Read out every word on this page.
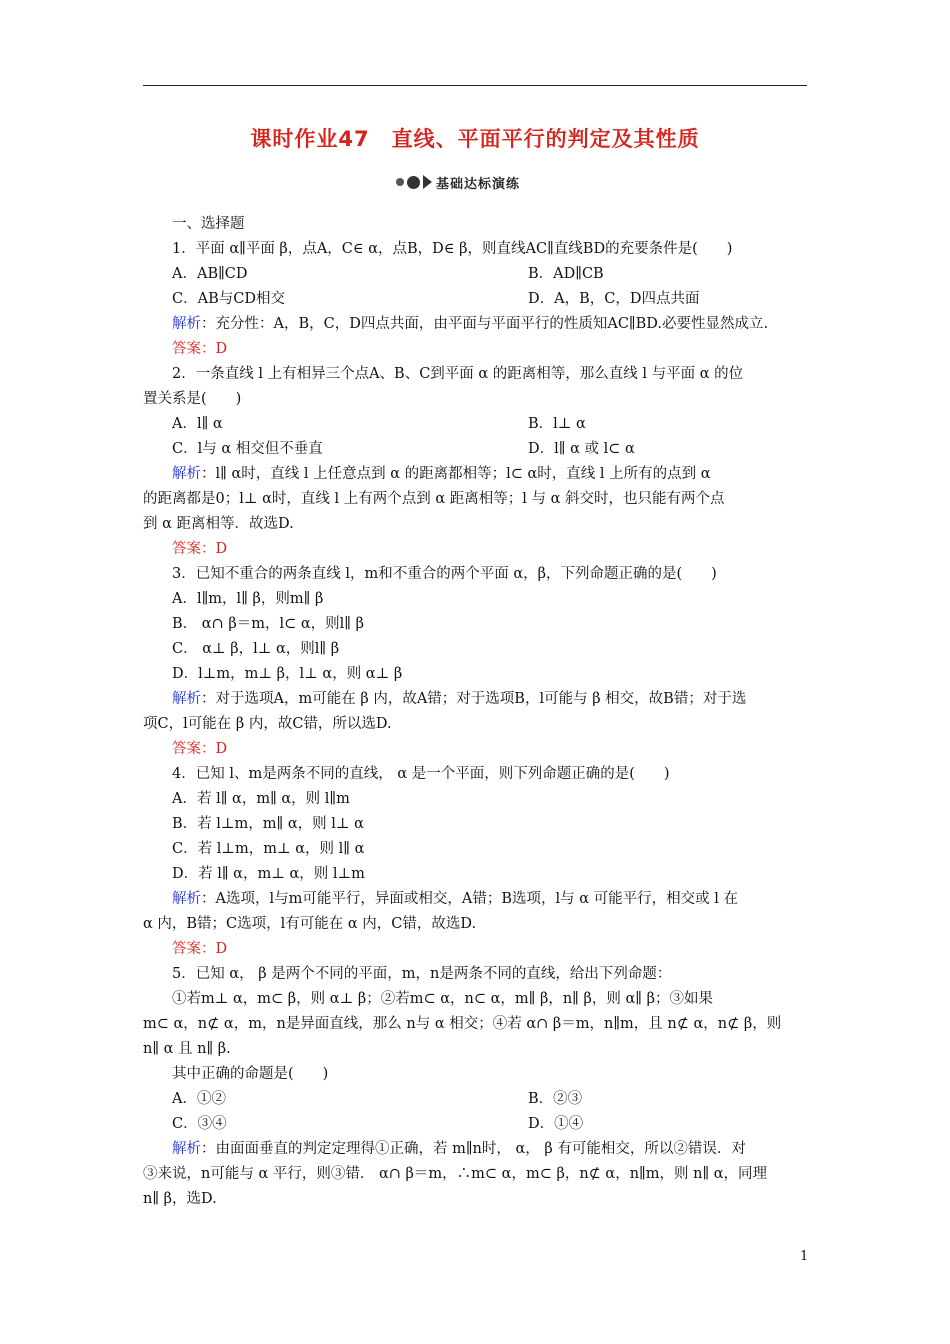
课时作业47　直线、平面平行的判定及其性质
基础达标演练

一、选择题

1．平面 α∥平面 β，点A，C∈ α，点B，D∈ β，则直线AC∥直线BD的充要条件是(　　)

A．AB∥CD	B．AD∥CB
C．AB与CD相交	D．A，B，C，D四点共面

解析：充分性：A，B，C，D四点共面，由平面与平面平行的性质知AC∥BD.必要性显然成立.

答案：D

2．一条直线 l 上有相异三个点A、B、C到平面 α 的距离相等，那么直线 l 与平面 α 的位

置关系是(　　)

A．l∥ α	B．l⊥ α
C．l与 α 相交但不垂直	D．l∥ α 或 l⊂ α

解析：l∥ α时，直线 l 上任意点到 α 的距离都相等；l⊂ α时，直线 l 上所有的点到 α

的距离都是0；l⊥ α时，直线 l 上有两个点到 α 距离相等；l 与 α 斜交时，也只能有两个点

到 α 距离相等．故选D.

答案：D

3．已知不重合的两条直线 l，m和不重合的两个平面 α，β，下列命题正确的是(　　)

A．l∥m，l∥ β，则m∥ β

B． α∩ β＝m，l⊂ α，则l∥ β

C． α⊥ β，l⊥ α，则l∥ β

D．l⊥m，m⊥ β，l⊥ α，则 α⊥ β

解析：对于选项A，m可能在 β 内，故A错；对于选项B，l可能与 β 相交，故B错；对于选

项C，l可能在 β 内，故C错，所以选D.

答案：D

4．已知 l、m是两条不同的直线， α 是一个平面，则下列命题正确的是(　　)

A．若 l∥ α，m∥ α，则 l∥m

B．若 l⊥m，m∥ α，则 l⊥ α

C．若 l⊥m，m⊥ α，则 l∥ α

D．若 l∥ α，m⊥ α，则 l⊥m

解析：A选项，l与m可能平行，异面或相交，A错；B选项，l与 α 可能平行，相交或 l 在

α 内，B错；C选项，l有可能在 α 内，C错，故选D.

答案：D

5．已知 α， β 是两个不同的平面，m，n是两条不同的直线，给出下列命题：

①若m⊥ α，m⊂ β，则 α⊥ β；②若m⊂ α，n⊂ α，m∥ β，n∥ β，则 α∥ β；③如果

m⊂ α，n⊄ α，m，n是异面直线，那么 n与 α 相交；④若 α∩ β＝m，n∥m，且 n⊄ α，n⊄ β，则

n∥ α 且 n∥ β.

其中正确的命题是(　　)

A．①②	B．②③
C．③④	D．①④

解析：由面面垂直的判定定理得①正确，若 m∥n时， α， β 有可能相交，所以②错误．对

③来说，n可能与 α 平行，则③错． α∩ β＝m，∴m⊂ α，m⊂ β，n⊄ α，n∥m，则 n∥ α，同理

n∥ β，选D.

1
